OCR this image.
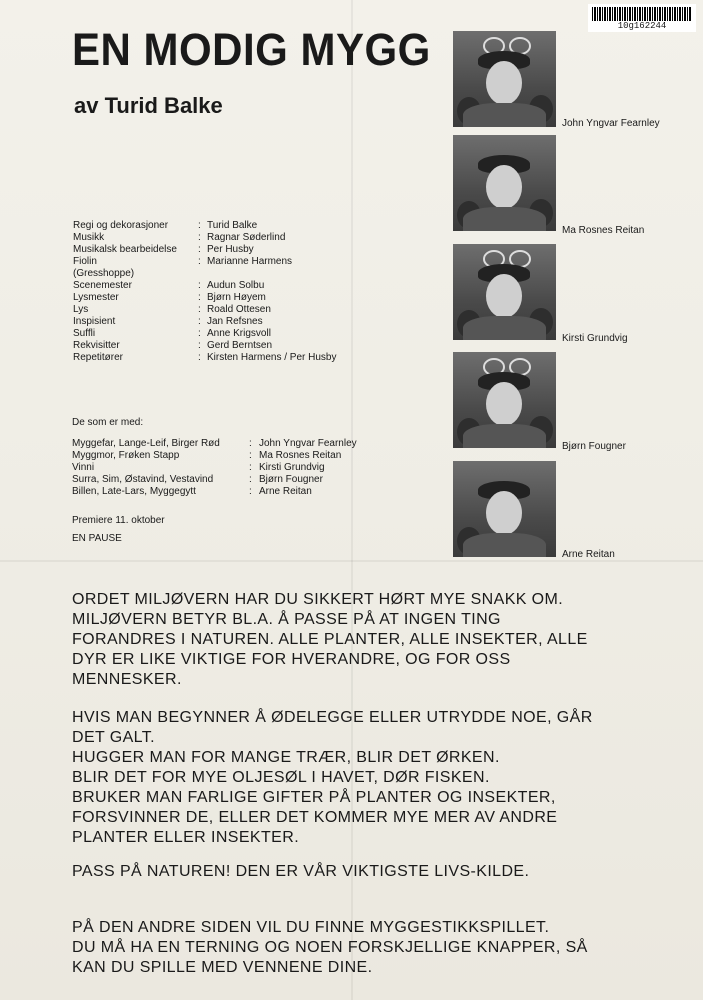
10g162244
EN MODIG MYGG
av Turid Balke
Regi og dekorasjoner	: Turid Balke
Musikk	: Ragnar Søderlind
Musikalsk bearbeidelse	: Per Husby
Fiolin	: Marianne Harmens
(Gresshoppe)
Scenemester	: Audun Solbu
Lysmester	: Bjørn Høyem
Lys	: Roald Ottesen
Inspisient	: Jan Refsnes
Suffli	: Anne Krigsvoll
Rekvisitter	: Gerd Berntsen
Repetitører	: Kirsten Harmens / Per Husby
De som er med:
Myggefar, Lange-Leif, Birger Rød	: John Yngvar Fearnley
Myggmor, Frøken Stapp	: Ma Rosnes Reitan
Vinni	: Kirsti Grundvig
Surra, Sim, Østavind, Vestavind	: Bjørn Fougner
Billen, Late-Lars, Myggegytt	: Arne Reitan
Premiere 11. oktober
EN PAUSE
John Yngvar Fearnley
Ma Rosnes Reitan
Kirsti Grundvig
Bjørn Fougner
Arne Reitan

ORDET MILJØVERN HAR DU SIKKERT HØRT MYE SNAKK OM. MILJØVERN BETYR BL.A. Å PASSE PÅ AT INGEN TING FORANDRES I NATUREN. ALLE PLANTER, ALLE INSEKTER, ALLE DYR ER LIKE VIKTIGE FOR HVERANDRE, OG FOR OSS MENNESKER.

HVIS MAN BEGYNNER Å ØDELEGGE ELLER UTRYDDE NOE, GÅR DET GALT.
HUGGER MAN FOR MANGE TRÆR, BLIR DET ØRKEN.
BLIR DET FOR MYE OLJESØL I HAVET, DØR FISKEN.
BRUKER MAN FARLIGE GIFTER PÅ PLANTER OG INSEKTER, FORSVINNER DE, ELLER DET KOMMER MYE MER AV ANDRE PLANTER ELLER INSEKTER.

PASS PÅ NATUREN! DEN ER VÅR VIKTIGSTE LIVS-KILDE.

PÅ DEN ANDRE SIDEN VIL DU FINNE MYGGESTIKKSPILLET.
DU MÅ HA EN TERNING OG NOEN FORSKJELLIGE KNAPPER, SÅ KAN DU SPILLE MED VENNENE DINE.
